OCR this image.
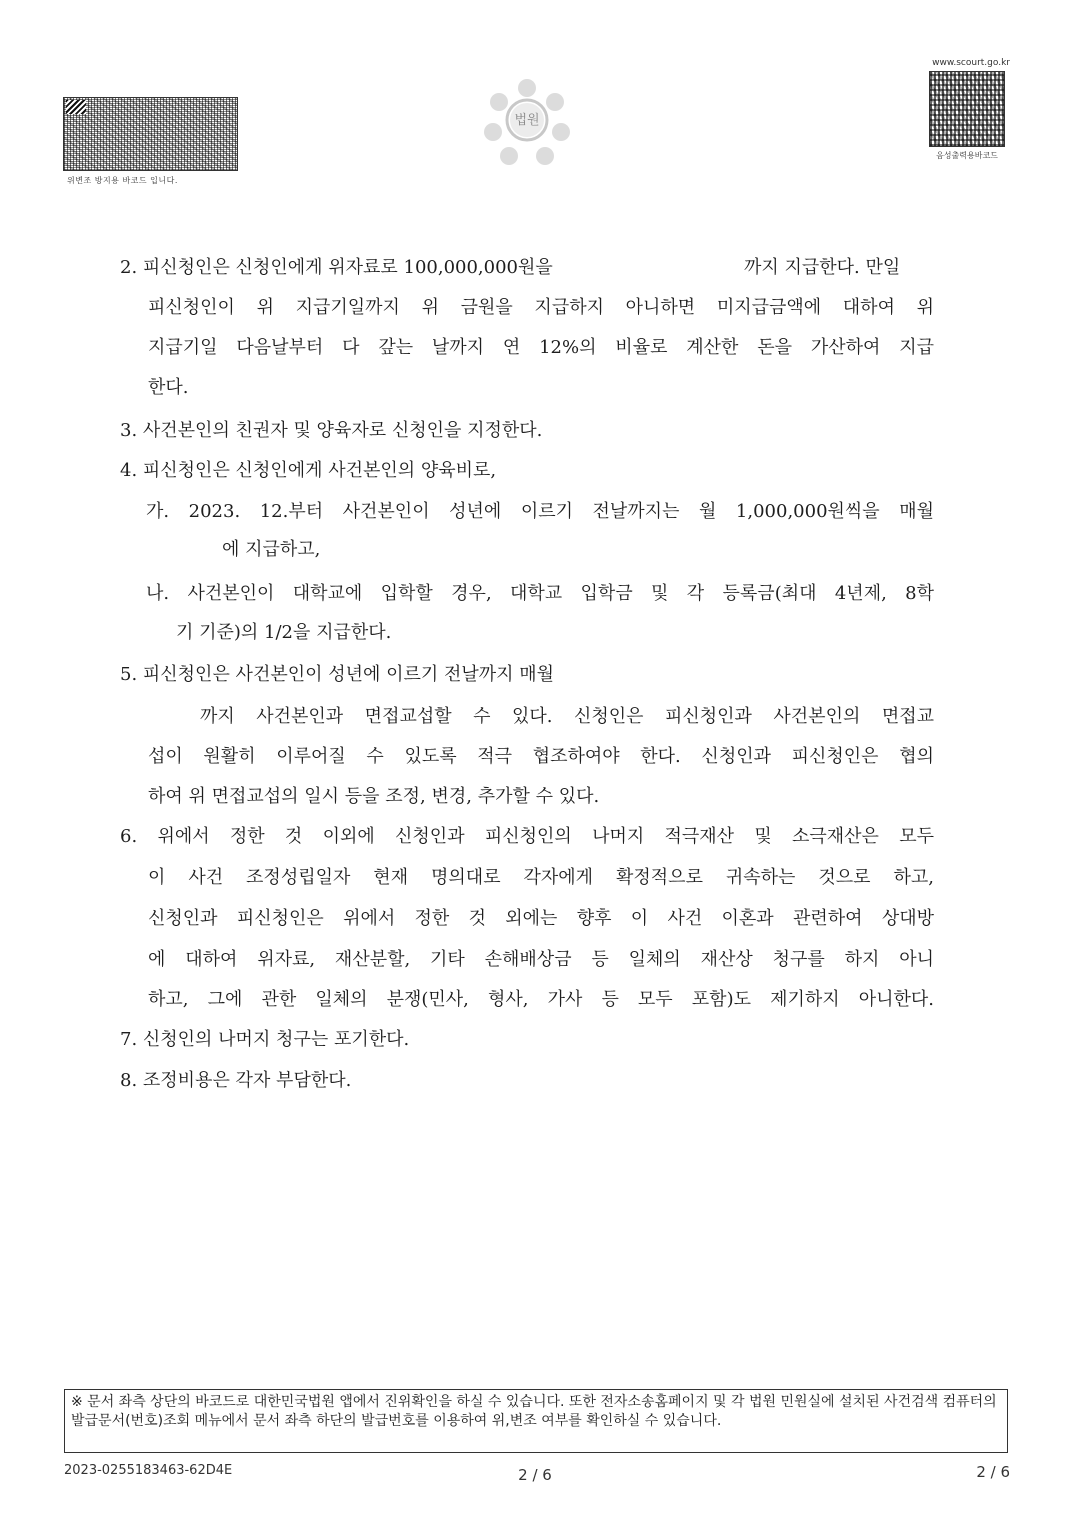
위변조 방지용 바코드 입니다.
법원
www.scourt.go.kr
음성출력용바코드
2. 피신청인은 신청인에게 위자료로 100,000,000원을	까지 지급한다. 만일
피신청인이 위 지급기일까지 위 금원을 지급하지 아니하면 미지급금액에 대하여 위
지급기일 다음날부터 다 갚는 날까지 연 12%의 비율로 계산한 돈을 가산하여 지급
한다.
3. 사건본인의 친권자 및 양육자로 신청인을 지정한다.
4. 피신청인은 신청인에게 사건본인의 양육비로,
가. 2023. 12.부터 사건본인이 성년에 이르기 전날까지는 월 1,000,000원씩을 매월
에 지급하고,
나. 사건본인이 대학교에 입학할 경우, 대학교 입학금 및 각 등록금(최대 4년제, 8학
기 기준)의 1/2을 지급한다.
5. 피신청인은 사건본인이 성년에 이르기 전날까지 매월
까지 사건본인과 면접교섭할 수 있다. 신청인은 피신청인과 사건본인의 면접교
섭이 원활히 이루어질 수 있도록 적극 협조하여야 한다. 신청인과 피신청인은 협의
하여 위 면접교섭의 일시 등을 조정, 변경, 추가할 수 있다.
6. 위에서 정한 것 이외에 신청인과 피신청인의 나머지 적극재산 및 소극재산은 모두
이 사건 조정성립일자 현재 명의대로 각자에게 확정적으로 귀속하는 것으로 하고,
신청인과 피신청인은 위에서 정한 것 외에는 향후 이 사건 이혼과 관련하여 상대방
에 대하여 위자료, 재산분할, 기타 손해배상금 등 일체의 재산상 청구를 하지 아니
하고, 그에 관한 일체의 분쟁(민사, 형사, 가사 등 모두 포함)도 제기하지 아니한다.
7. 신청인의 나머지 청구는 포기한다.
8. 조정비용은 각자 부담한다.
※ 문서 좌측 상단의 바코드로 대한민국법원 앱에서 진위확인을 하실 수 있습니다. 또한 전자소송홈페이지 및 각 법원 민원실에 설치된 사건검색 컴퓨터의 발급문서(번호)조회 메뉴에서 문서 좌측 하단의 발급번호를 이용하여 위,변조 여부를 확인하실 수 있습니다.
2023-0255183463-62D4E	2 / 6	2 / 6
